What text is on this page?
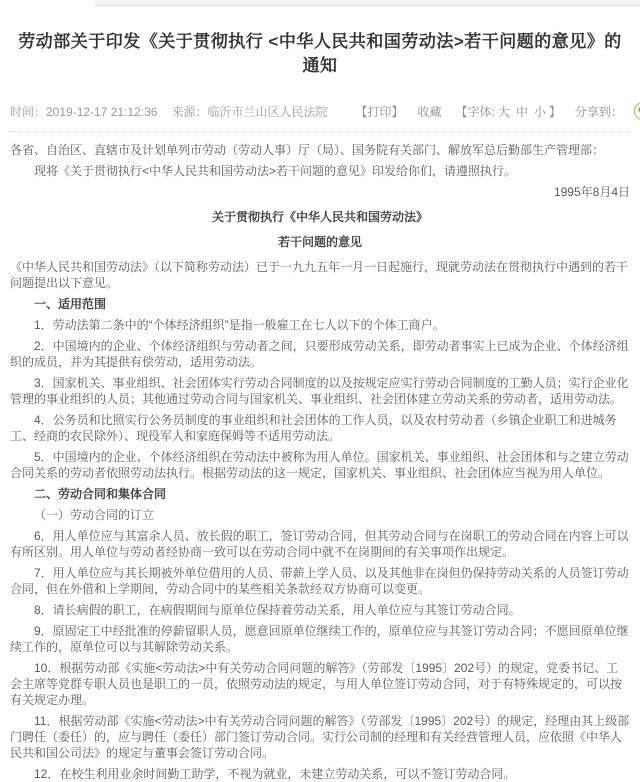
劳动部关于印发《关于贯彻执行 <中华人民共和国劳动法>若干问题的意见》的通知
时间：2019-12-17 21:12:36 来源：临沂市兰山区人民法院	【打印】 收藏 【字体: 大 中 小 】 分享到：
各省、自治区、直辖市及计划单列市劳动（劳动人事）厅（局）、国务院有关部门、解放军总后勤部生产管理部：
现将《关于贯彻执行<中华人民共和国劳动法>若干问题的意见》印发给你们，请遵照执行。
1995年8月4日
关于贯彻执行《中华人民共和国劳动法》
若干问题的意见
《中华人民共和国劳动法》（以下简称劳动法）已于一九九五年一月一日起施行，现就劳动法在贯彻执行中遇到的若干问题提出以下意见。
一、适用范围
1．劳动法第二条中的“个体经济组织”是指一般雇工在七人以下的个体工商户。
2．中国境内的企业、个体经济组织与劳动者之间，只要形成劳动关系，即劳动者事实上已成为企业、个体经济组织的成员，并为其提供有偿劳动，适用劳动法。
3．国家机关、事业组织、社会团体实行劳动合同制度的以及按规定应实行劳动合同制度的工勤人员；实行企业化管理的事业组织的人员；其他通过劳动合同与国家机关、事业组织、社会团体建立劳动关系的劳动者，适用劳动法。
4．公务员和比照实行公务员制度的事业组织和社会团体的工作人员，以及农村劳动者（乡镇企业职工和进城务工、经商的农民除外）、现役军人和家庭保姆等不适用劳动法。
5．中国境内的企业、个体经济组织在劳动法中被称为用人单位。国家机关、事业组织、社会团体和与之建立劳动合同关系的劳动者依照劳动法执行。根据劳动法的这一规定，国家机关、事业组织、社会团体应当视为用人单位。
二、劳动合同和集体合同
（一）劳动合同的订立
6．用人单位应与其富余人员、放长假的职工，签订劳动合同，但其劳动合同与在岗职工的劳动合同在内容上可以有所区别。用人单位与劳动者经协商一致可以在劳动合同中就不在岗期间的有关事项作出规定。
7．用人单位应与其长期被外单位借用的人员、带薪上学人员、以及其他非在岗但仍保持劳动关系的人员签订劳动合同，但在外借和上学期间，劳动合同中的某些相关条款经双方协商可以变更。
8．请长病假的职工，在病假期间与原单位保持着劳动关系，用人单位应与其签订劳动合同。
9．原固定工中经批准的停薪留职人员，愿意回原单位继续工作的，原单位应与其签订劳动合同；不愿回原单位继续工作的，原单位可以与其解除劳动关系。
10．根据劳动部《实施<劳动法>中有关劳动合同问题的解答》（劳部发〔1995〕202号）的规定，党委书记、工会主席等党群专职人员也是职工的一员，依照劳动法的规定，与用人单位签订劳动合同，对于有特殊规定的，可以按有关规定办理。
11．根据劳动部《实施<劳动法>中有关劳动合同问题的解答》（劳部发〔1995〕202号）的规定，经理由其上级部门聘任（委任）的，应与聘任（委任）部门签订劳动合同。实行公司制的经理和有关经营管理人员，应依照《中华人民共和国公司法》的规定与董事会签订劳动合同。
12．在校生利用业余时间勤工助学，不视为就业，未建立劳动关系，可以不签订劳动合同。
